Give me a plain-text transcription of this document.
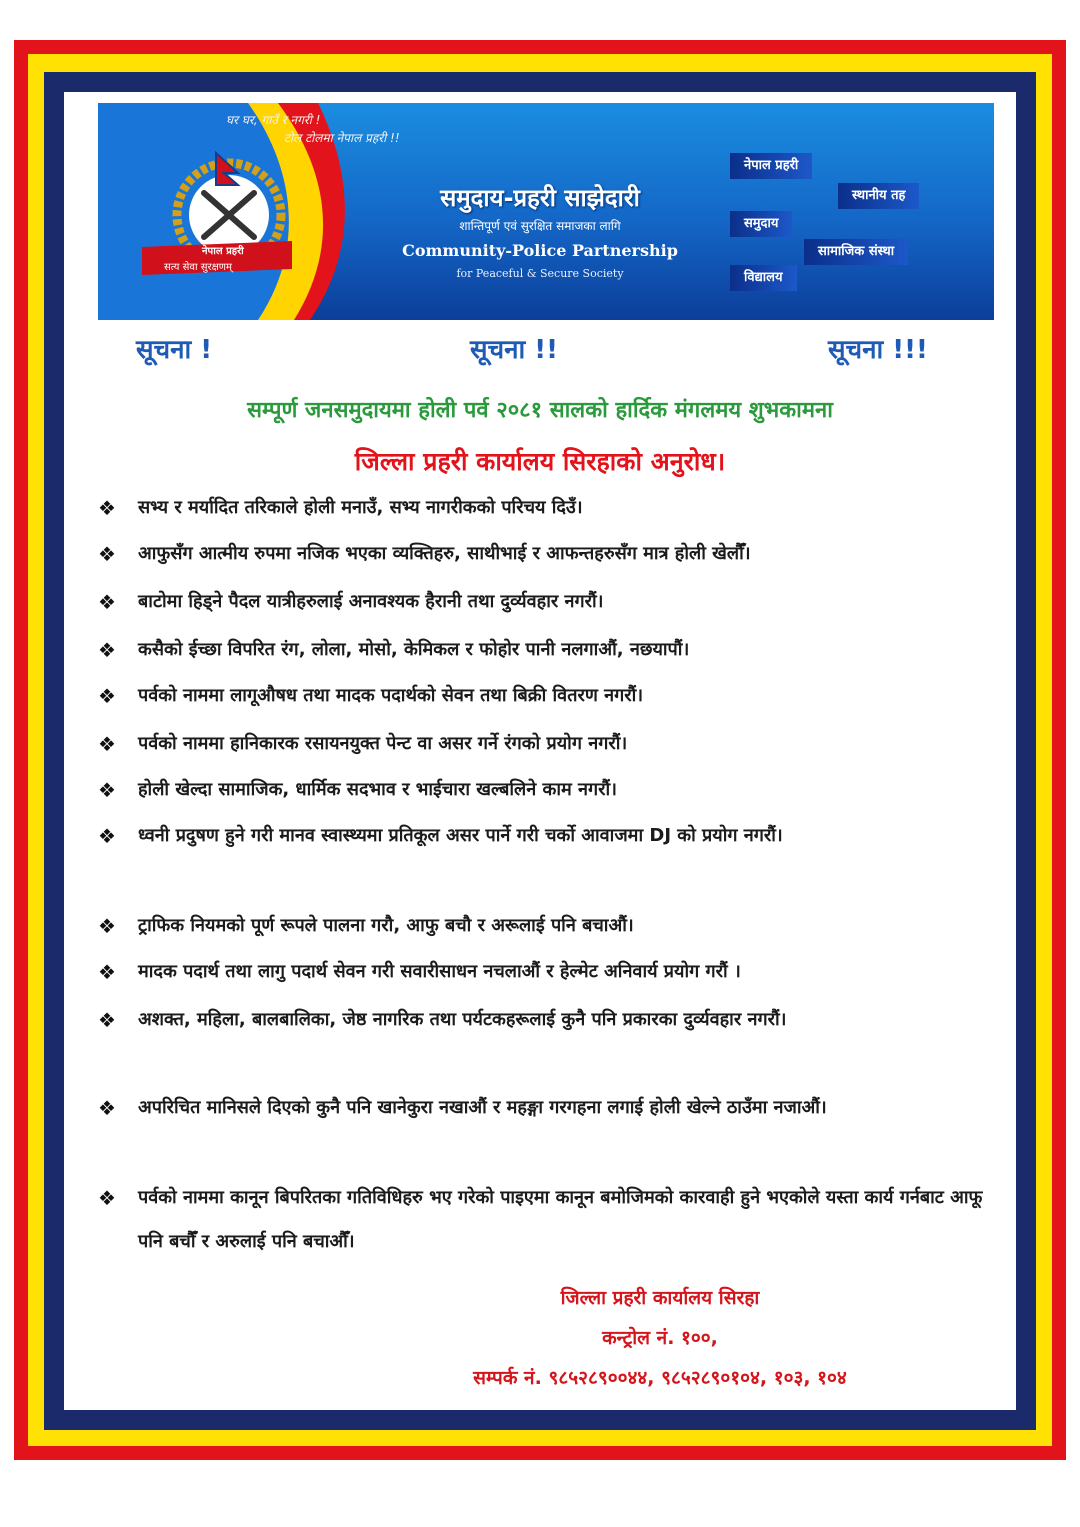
घर घर, गाउँ र नगरी !
टोल टोलमा नेपाल प्रहरी !!
नेपाल प्रहरी
सत्य सेवा सुरक्षणम्
समुदाय-प्रहरी साझेदारी
शान्तिपूर्ण एवं सुरक्षित समाजका लागि
Community-Police Partnership
for Peaceful & Secure Society
नेपाल प्रहरी
स्थानीय तह
समुदाय
सामाजिक संस्था
विद्यालय
सूचना !	सूचना !!	सूचना !!!
सम्पूर्ण जनसमुदायमा होली पर्व २०८१ सालको हार्दिक मंगलमय शुभकामना
जिल्ला प्रहरी कार्यालय सिरहाको अनुरोध।
❖	सभ्य र मर्यादित तरिकाले होली मनाउँ, सभ्य नागरीकको परिचय दिउँ।
❖	आफुसँग आत्मीय रुपमा नजिक भएका व्यक्तिहरु, साथीभाई र आफन्तहरुसँग मात्र होली खेलौँ।
❖	बाटोमा हिड्ने पैदल यात्रीहरुलाई अनावश्यक हैरानी तथा दुर्व्यवहार नगरौं।
❖	कसैको ईच्छा विपरित रंग, लोला, मोसो, केमिकल र फोहोर पानी नलगाऔं, नछयापौं।
❖	पर्वको नाममा लागूऔषध तथा मादक पदार्थको सेवन तथा बिक्री वितरण नगरौं।
❖	पर्वको नाममा हानिकारक रसायनयुक्त पेन्ट वा असर गर्ने रंगको प्रयोग नगरौं।
❖	होली खेल्दा सामाजिक, धार्मिक सदभाव र भाईचारा खल्बलिने काम नगरौं।
❖	ध्वनी प्रदुषण हुने गरी मानव स्वास्थ्यमा प्रतिकूल असर पार्ने गरी चर्को आवाजमा DJ को प्रयोग नगरौं।
❖	ट्राफिक नियमको पूर्ण रूपले पालना गरौ, आफु बचौ र अरूलाई पनि बचाऔं।
❖	मादक पदार्थ तथा लागु पदार्थ सेवन गरी सवारीसाधन नचलाऔं र हेल्मेट अनिवार्य प्रयोग गरौं ।
❖	अशक्त, महिला, बालबालिका, जेष्ठ नागरिक तथा पर्यटकहरूलाई कुनै पनि प्रकारका दुर्व्यवहार नगरौं।
❖	अपरिचित मानिसले दिएको कुनै पनि खानेकुरा नखाऔं र महङ्गा गरगहना लगाई होली खेल्ने ठाउँमा नजाऔं।
❖	पर्वको नाममा कानून बिपरितका गतिविधिहरु भए गरेको पाइएमा कानून बमोजिमको कारवाही हुने भएकोले यस्ता कार्य गर्नबाट आफू पनि बचौँ र अरुलाई पनि बचाऔँ।
जिल्ला प्रहरी कार्यालय सिरहा
कन्ट्रोल नं. १००,
सम्पर्क नं. ९८५२८९००४४, ९८५२८९०१०४, १०३, १०४
